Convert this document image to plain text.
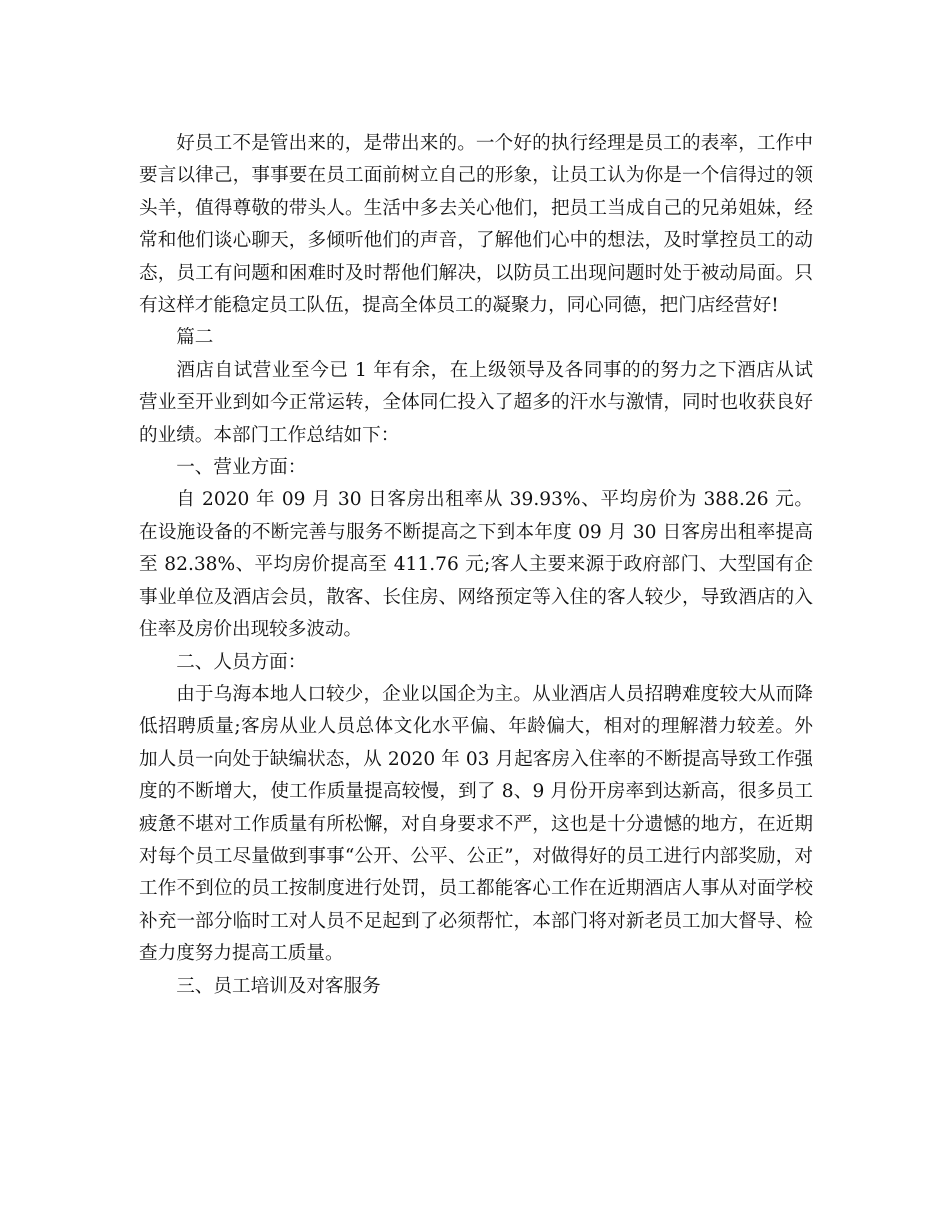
好员工不是管出来的，是带出来的。一个好的执行经理是员工的表率，工作中要言以律己，事事要在员工面前树立自己的形象，让员工认为你是一个信得过的领头羊，值得尊敬的带头人。生活中多去关心他们，把员工当成自己的兄弟姐妹，经常和他们谈心聊天，多倾听他们的声音，了解他们心中的想法，及时掌控员工的动态，员工有问题和困难时及时帮他们解决，以防员工出现问题时处于被动局面。只有这样才能稳定员工队伍，提高全体员工的凝聚力，同心同德，把门店经营好!

篇二

酒店自试营业至今已 1 年有余，在上级领导及各同事的的努力之下酒店从试营业至开业到如今正常运转，全体同仁投入了超多的汗水与激情，同时也收获良好的业绩。本部门工作总结如下：

一、营业方面：

自 2020 年 09 月 30 日客房出租率从 39.93%、平均房价为 388.26 元。在设施设备的不断完善与服务不断提高之下到本年度 09 月 30 日客房出租率提高至 82.38%、平均房价提高至 411.76 元;客人主要来源于政府部门、大型国有企事业单位及酒店会员，散客、长住房、网络预定等入住的客人较少，导致酒店的入住率及房价出现较多波动。

二、人员方面：

由于乌海本地人口较少，企业以国企为主。从业酒店人员招聘难度较大从而降低招聘质量;客房从业人员总体文化水平偏、年龄偏大，相对的理解潜力较差。外加人员一向处于缺编状态，从 2020 年 03 月起客房入住率的不断提高导致工作强度的不断增大，使工作质量提高较慢，到了 8、9 月份开房率到达新高，很多员工疲惫不堪对工作质量有所松懈，对自身要求不严，这也是十分遗憾的地方，在近期对每个员工尽量做到事事“公开、公平、公正”，对做得好的员工进行内部奖励，对工作不到位的员工按制度进行处罚，员工都能客心工作在近期酒店人事从对面学校补充一部分临时工对人员不足起到了必须帮忙，本部门将对新老员工加大督导、检查力度努力提高工质量。

三、员工培训及对客服务
